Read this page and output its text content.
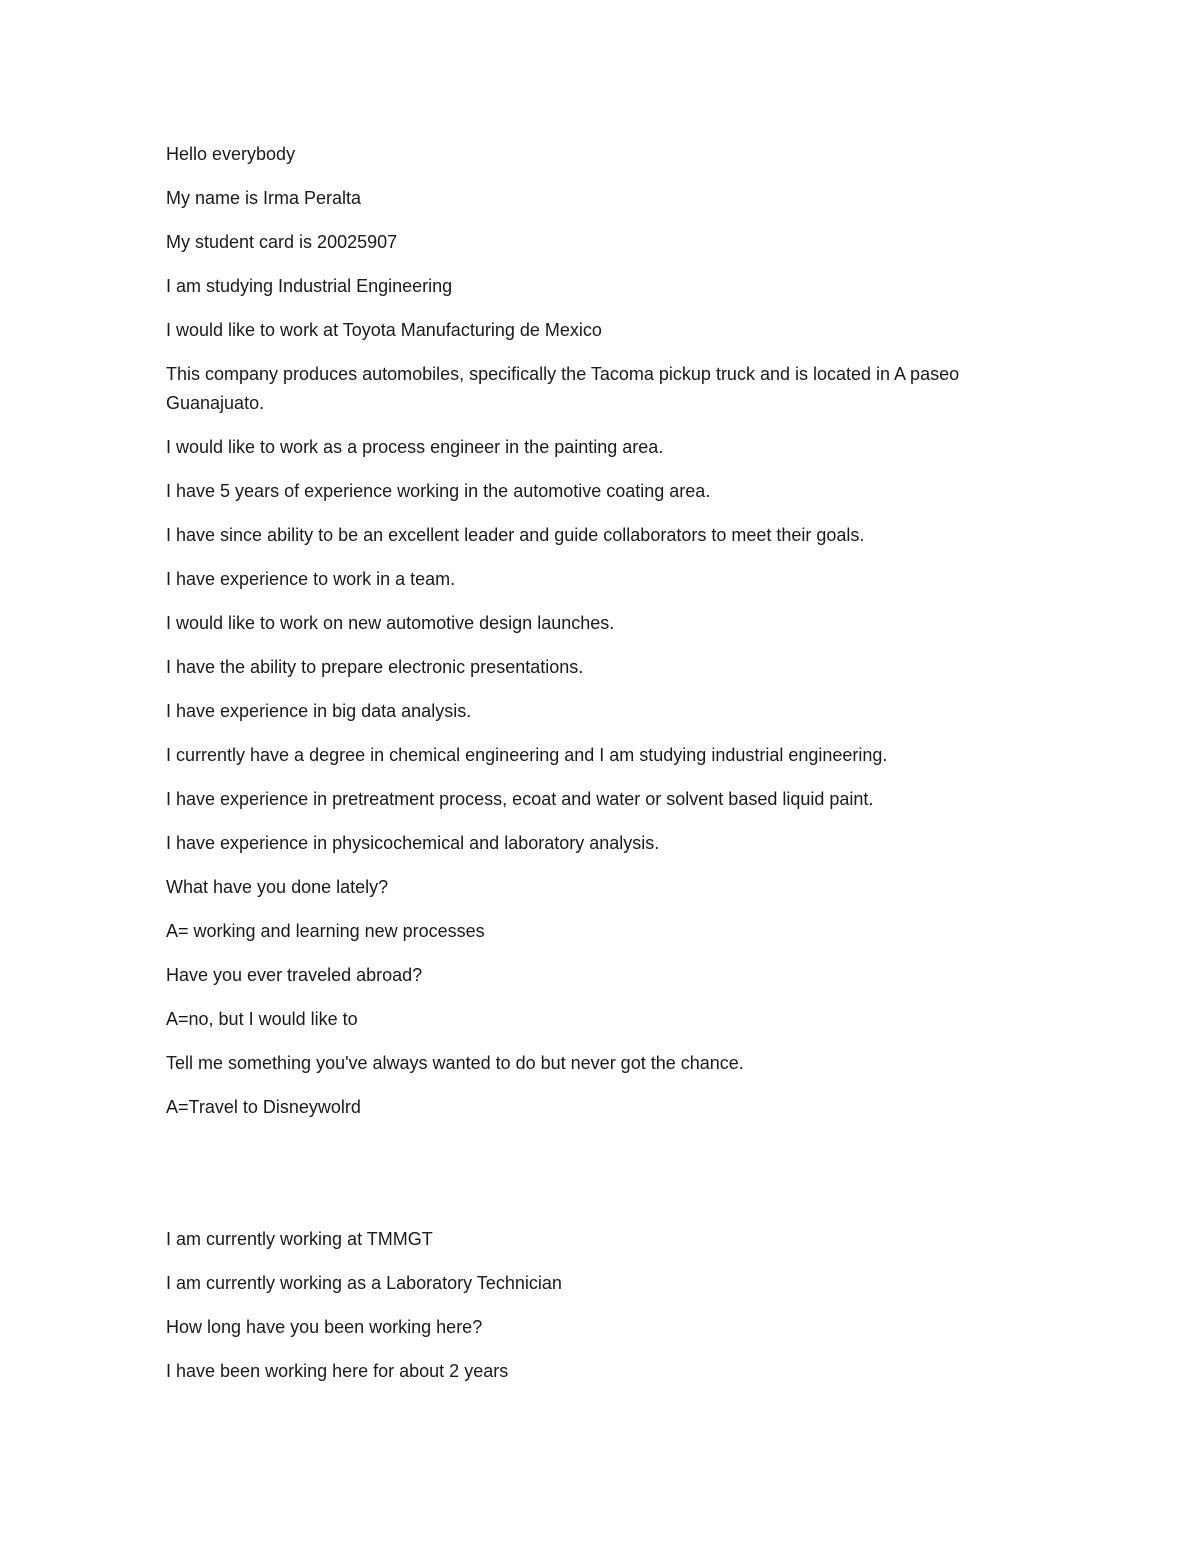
Hello everybody

My name is Irma Peralta

My student card is 20025907

I am studying Industrial Engineering

I would like to work at Toyota Manufacturing de Mexico

This company produces automobiles, specifically the Tacoma pickup truck and is located in A paseo Guanajuato.

I would like to work as a process engineer in the painting area.

I have 5 years of experience working in the automotive coating area.

I have since ability to be an excellent leader and guide collaborators to meet their goals.

I have experience to work in a team.

I would like to work on new automotive design launches.

I have the ability to prepare electronic presentations.

I have experience in big data analysis.

I currently have a degree in chemical engineering and I am studying industrial engineering.

I have experience in pretreatment process, ecoat and water or solvent based liquid paint.

I have experience in physicochemical and laboratory analysis.

What have you done lately?

A= working and learning new processes

Have you ever traveled abroad?

A=no, but I would like to

Tell me something you've always wanted to do but never got the chance.

A=Travel to Disneywolrd

I am currently working at TMMGT

I am currently working as a Laboratory Technician

How long have you been working here?

I have been working here for about 2 years
